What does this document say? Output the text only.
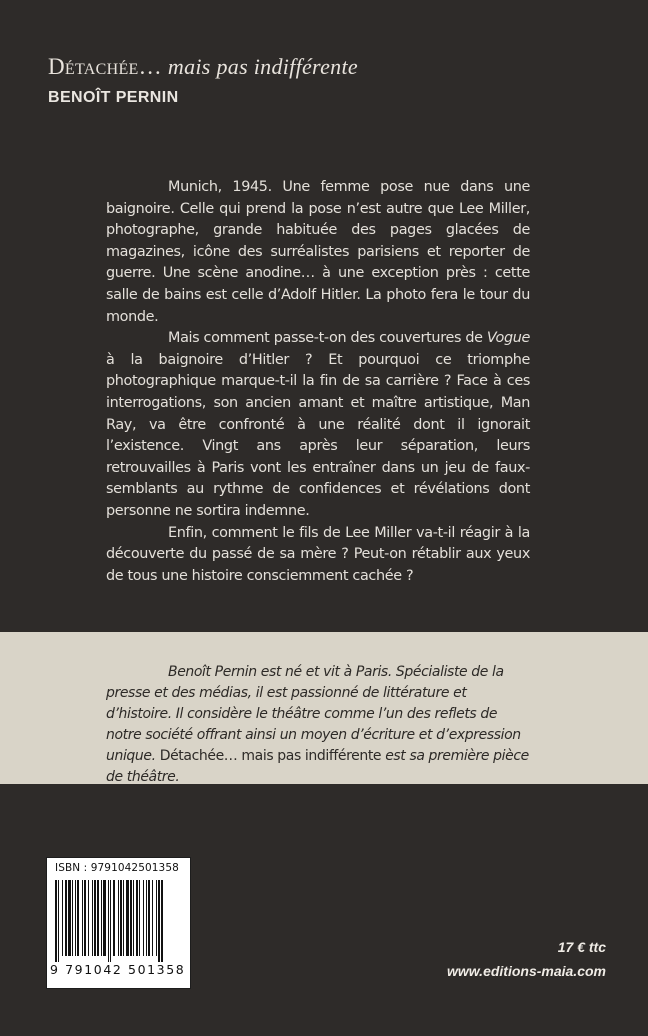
Détachée… mais pas indifférente
BENOÎT PERNIN

Munich, 1945. Une femme pose nue dans une baignoire. Celle qui prend la pose n’est autre que Lee Miller, photographe, grande habituée des pages glacées de magazines, icône des surréalistes parisiens et reporter de guerre. Une scène anodine… à une exception près : cette salle de bains est celle d’Adolf Hitler. La photo fera le tour du monde.

Mais comment passe-t-on des couvertures de Vogue à la baignoire d’Hitler ? Et pourquoi ce triomphe photographique marque-t-il la fin de sa carrière ? Face à ces interrogations, son ancien amant et maître artistique, Man Ray, va être confronté à une réalité dont il ignorait l’existence. Vingt ans après leur séparation, leurs retrouvailles à Paris vont les entraîner dans un jeu de faux-semblants au rythme de confidences et révélations dont personne ne sortira indemne.

Enfin, comment le fils de Lee Miller va-t-il réagir à la découverte du passé de sa mère ? Peut-on rétablir aux yeux de tous une histoire consciemment cachée ?

Benoît Pernin est né et vit à Paris. Spécialiste de la presse et des médias, il est passionné de littérature et d’histoire. Il considère le théâtre comme l’un des reflets de notre société offrant ainsi un moyen d’écriture et d’expression unique. Détachée… mais pas indifférente est sa première pièce de théâtre.

ISBN : 9791042501358
9 791042 501358
17 € ttc
www.editions-maia.com
